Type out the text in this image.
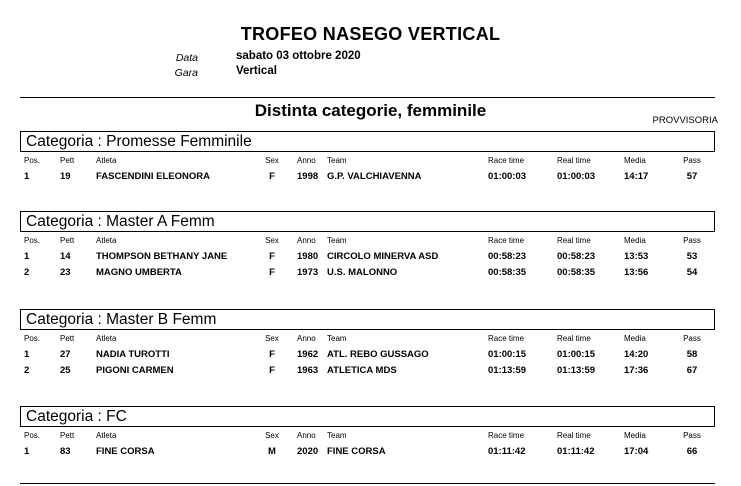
TROFEO NASEGO VERTICAL
Data	sabato 03 ottobre 2020
Gara	Vertical
Distinta categorie, femminile
PROVVISORIA
Categoria : Promesse Femminile
Pos. Pett	Atleta	Sex	Anno Team	Race time	Real time	Media	Pass
1	19	FASCENDINI ELEONORA	F	1998 G.P. VALCHIAVENNA	01:00:03	01:00:03	14:17	57
Categoria : Master A Femm
Pos. Pett	Atleta	Sex	Anno Team	Race time	Real time	Media	Pass
1	14	THOMPSON BETHANY JANE	F	1980 CIRCOLO MINERVA ASD	00:58:23	00:58:23	13:53	53
2	23	MAGNO UMBERTA	F	1973 U.S. MALONNO	00:58:35	00:58:35	13:56	54
Categoria : Master B Femm
Pos. Pett	Atleta	Sex	Anno Team	Race time	Real time	Media	Pass
1	27	NADIA TUROTTI	F	1962 ATL. REBO GUSSAGO	01:00:15	01:00:15	14:20	58
2	25	PIGONI CARMEN	F	1963 ATLETICA MDS	01:13:59	01:13:59	17:36	67
Categoria : FC
Pos. Pett	Atleta	Sex	Anno Team	Race time	Real time	Media	Pass
1	83	FINE CORSA	M	2020 FINE CORSA	01:11:42	01:11:42	17:04	66
